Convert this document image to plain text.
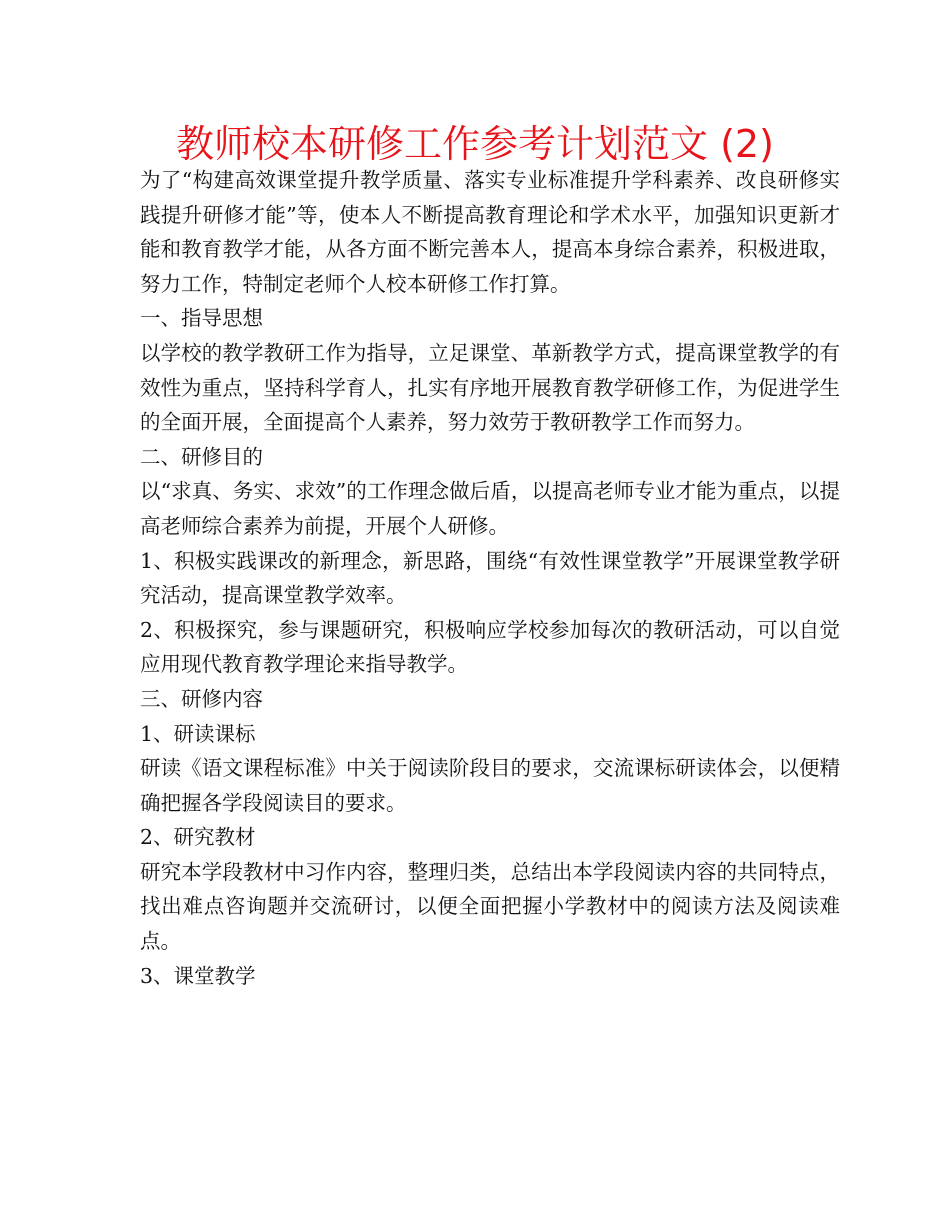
教师校本研修工作参考计划范文 (2)

为了“构建高效课堂提升教学质量、落实专业标准提升学科素养、改良研修实践提升研修才能”等，使本人不断提高教育理论和学术水平，加强知识更新才能和教育教学才能，从各方面不断完善本人，提高本身综合素养，积极进取，努力工作，特制定老师个人校本研修工作打算。

一、指导思想

以学校的教学教研工作为指导，立足课堂、革新教学方式，提高课堂教学的有效性为重点，坚持科学育人，扎实有序地开展教育教学研修工作，为促进学生的全面开展，全面提高个人素养，努力效劳于教研教学工作而努力。

二、研修目的

以“求真、务实、求效”的工作理念做后盾，以提高老师专业才能为重点，以提高老师综合素养为前提，开展个人研修。

1、积极实践课改的新理念，新思路，围绕“有效性课堂教学”开展课堂教学研究活动，提高课堂教学效率。

2、积极探究，参与课题研究，积极响应学校参加每次的教研活动，可以自觉应用现代教育教学理论来指导教学。

三、研修内容

1、研读课标

研读《语文课程标准》中关于阅读阶段目的要求，交流课标研读体会，以便精确把握各学段阅读目的要求。

2、研究教材

研究本学段教材中习作内容，整理归类，总结出本学段阅读内容的共同特点，找出难点咨询题并交流研讨，以便全面把握小学教材中的阅读方法及阅读难点。

3、课堂教学
